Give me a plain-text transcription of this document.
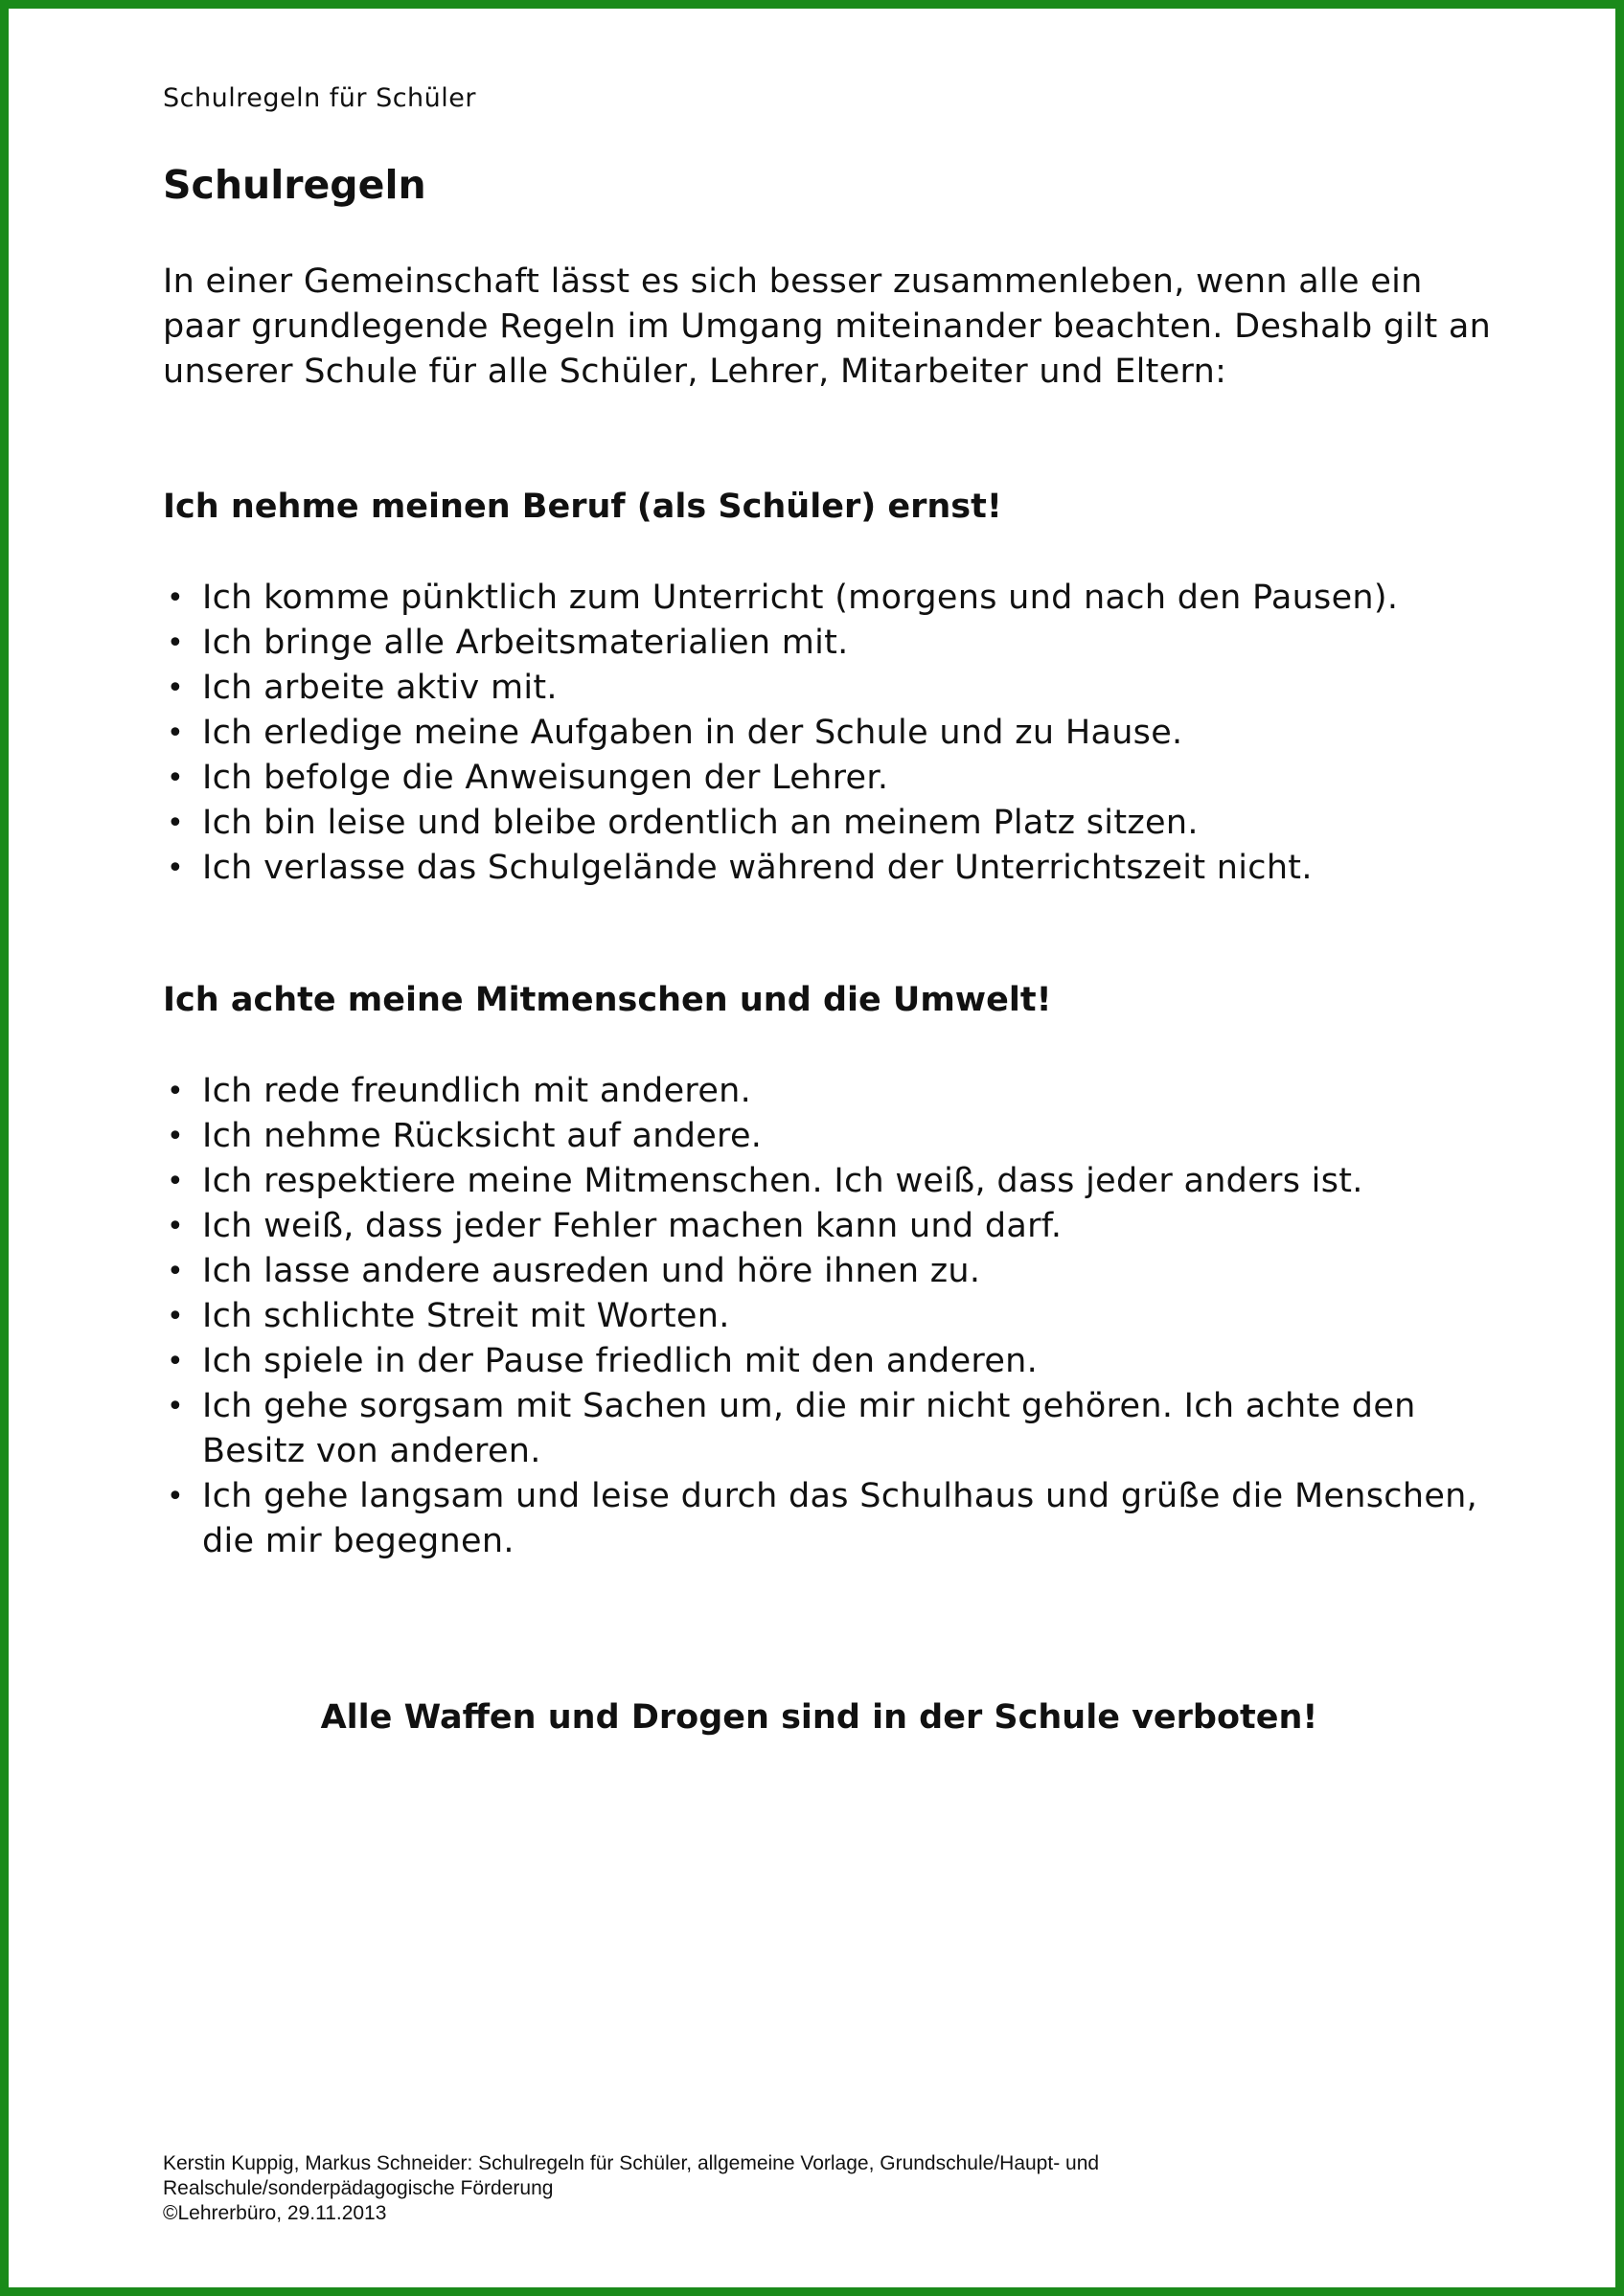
Schulregeln für Schüler
Schulregeln

In einer Gemeinschaft lässt es sich besser zusammenleben, wenn alle ein paar grundlegende Regeln im Umgang miteinander beachten. Deshalb gilt an unserer Schule für alle Schüler, Lehrer, Mitarbeiter und Eltern:

Ich nehme meinen Beruf (als Schüler) ernst!
• Ich komme pünktlich zum Unterricht (morgens und nach den Pausen).
• Ich bringe alle Arbeitsmaterialien mit.
• Ich arbeite aktiv mit.
• Ich erledige meine Aufgaben in der Schule und zu Hause.
• Ich befolge die Anweisungen der Lehrer.
• Ich bin leise und bleibe ordentlich an meinem Platz sitzen.
• Ich verlasse das Schulgelände während der Unterrichtszeit nicht.
Ich achte meine Mitmenschen und die Umwelt!
• Ich rede freundlich mit anderen.
• Ich nehme Rücksicht auf andere.
• Ich respektiere meine Mitmenschen. Ich weiß, dass jeder anders ist.
• Ich weiß, dass jeder Fehler machen kann und darf.
• Ich lasse andere ausreden und höre ihnen zu.
• Ich schlichte Streit mit Worten.
• Ich spiele in der Pause friedlich mit den anderen.
• Ich gehe sorgsam mit Sachen um, die mir nicht gehören. Ich achte den Besitz von anderen.
• Ich gehe langsam und leise durch das Schulhaus und grüße die Menschen, die mir begegnen.

Alle Waffen und Drogen sind in der Schule verboten!

Kerstin Kuppig, Markus Schneider: Schulregeln für Schüler, allgemeine Vorlage, Grundschule/Haupt- und
Realschule/sonderpädagogische Förderung
©Lehrerbüro, 29.11.2013
